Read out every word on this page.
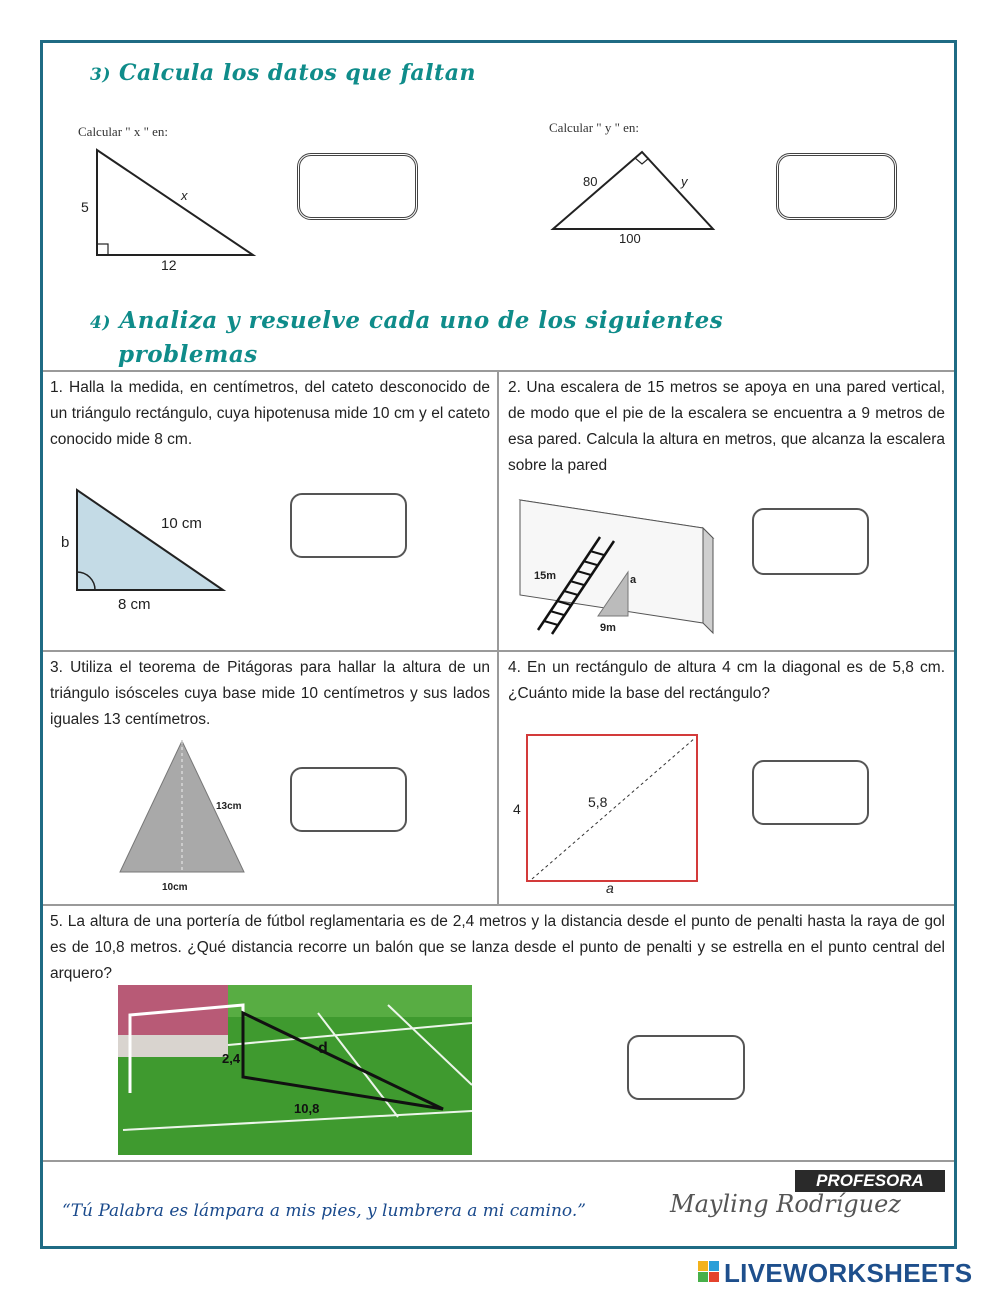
3) Calcula los datos que faltan
Calcular " x " en:
5
12
x
Calcular " y " en:
80	y
100
4) Analiza y resuelve cada uno de los siguientes
problemas

1. Halla la medida, en centímetros, del cateto desconocido de un triángulo rectángulo, cuya hipotenusa mide 10 cm y el cateto conocido mide 8 cm.

b
10 cm
8 cm

2. Una escalera de 15 metros se apoya en una pared vertical, de modo que el pie de la escalera se encuentra a 9 metros de esa pared. Calcula la altura en metros, que alcanza la escalera sobre la pared

15m	a
9m

3. Utiliza el teorema de Pitágoras para hallar la altura de un triángulo isósceles cuya base mide 10 centímetros y sus lados iguales 13 centímetros.

13cm
10cm

4. En un rectángulo de altura 4 cm la diagonal es de 5,8 cm. ¿Cuánto mide la base del rectángulo?

4	5,8
a

5. La altura de una portería de fútbol reglamentaria es de 2,4 metros y la distancia desde el punto de penalti hasta la raya de gol es de 10,8 metros. ¿Qué distancia recorre un balón que se lanza desde el punto de penalti y se estrella en el punto central del arquero?

2,4
d
10,8
“Tú Palabra es lámpara a mis pies, y lumbrera a mi camino.”
PROFESORA
Mayling Rodríguez
LIVEWORKSHEETS
